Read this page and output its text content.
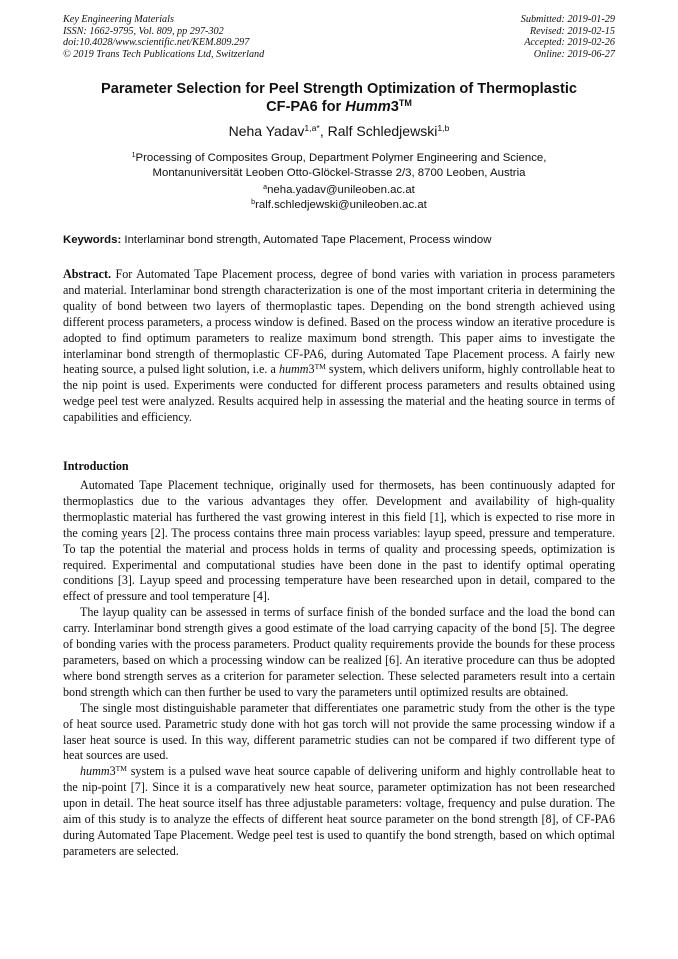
Key Engineering Materials
ISSN: 1662-9795, Vol. 809, pp 297-302
doi:10.4028/www.scientific.net/KEM.809.297
© 2019 Trans Tech Publications Ltd, Switzerland
Submitted: 2019-01-29
Revised: 2019-02-15
Accepted: 2019-02-26
Online: 2019-06-27
Parameter Selection for Peel Strength Optimization of Thermoplastic
CF-PA6 for Humm3™
Neha Yadav$^{1,a*}$, Ralf Schledjewski$^{1,b}$
$^1$Processing of Composites Group, Department Polymer Engineering and Science,
Montanuniversität Leoben Otto-Glöckel-Strasse 2/3, 8700 Leoben, Austria
$^a$neha.yadav@unileoben.ac.at
$^b$ralf.schledjewski@unileoben.ac.at
Keywords: Interlaminar bond strength, Automated Tape Placement, Process window
Abstract. For Automated Tape Placement process, degree of bond varies with variation in process parameters and material. Interlaminar bond strength characterization is one of the most important criteria in determining the quality of bond between two layers of thermoplastic tapes. Depending on the bond strength achieved using different process parameters, a process window is defined. Based on the process window an iterative procedure is adopted to find optimum parameters to realize maximum bond strength. This paper aims to investigate the interlaminar bond strength of thermoplastic CF-PA6, during Automated Tape Placement process. A fairly new heating source, a pulsed light solution, i.e. a humm3™ system, which delivers uniform, highly controllable heat to the nip point is used. Experiments were conducted for different process parameters and results obtained using wedge peel test were analyzed. Results acquired help in assessing the material and the heating source in terms of capabilities and efficiency.
Introduction

Automated Tape Placement technique, originally used for thermosets, has been continuously adapted for thermoplastics due to the various advantages they offer. Development and availability of high-quality thermoplastic material has furthered the vast growing interest in this field [1], which is expected to rise more in the coming years [2]. The process contains three main process variables: layup speed, pressure and temperature. To tap the potential the material and process holds in terms of quality and processing speeds, optimization is required. Experimental and computational studies have been done in the past to identify optimal operating conditions [3]. Layup speed and processing temperature have been researched upon in detail, compared to the effect of pressure and tool temperature [4].

The layup quality can be assessed in terms of surface finish of the bonded surface and the load the bond can carry. Interlaminar bond strength gives a good estimate of the load carrying capacity of the bond [5]. The degree of bonding varies with the process parameters. Product quality requirements provide the bounds for these process parameters, based on which a processing window can be realized [6]. An iterative procedure can thus be adopted where bond strength serves as a criterion for parameter selection. These selected parameters result into a certain bond strength which can then further be used to vary the parameters until optimized results are obtained.

The single most distinguishable parameter that differentiates one parametric study from the other is the type of heat source used. Parametric study done with hot gas torch will not provide the same processing window if a laser heat source is used. In this way, different parametric studies can not be compared if two different type of heat sources are used.

humm3™ system is a pulsed wave heat source capable of delivering uniform and highly controllable heat to the nip-point [7]. Since it is a comparatively new heat source, parameter optimization has not been researched upon in detail. The heat source itself has three adjustable parameters: voltage, frequency and pulse duration. The aim of this study is to analyze the effects of different heat source parameter on the bond strength [8], of CF-PA6 during Automated Tape Placement. Wedge peel test is used to quantify the bond strength, based on which optimal parameters are selected.
